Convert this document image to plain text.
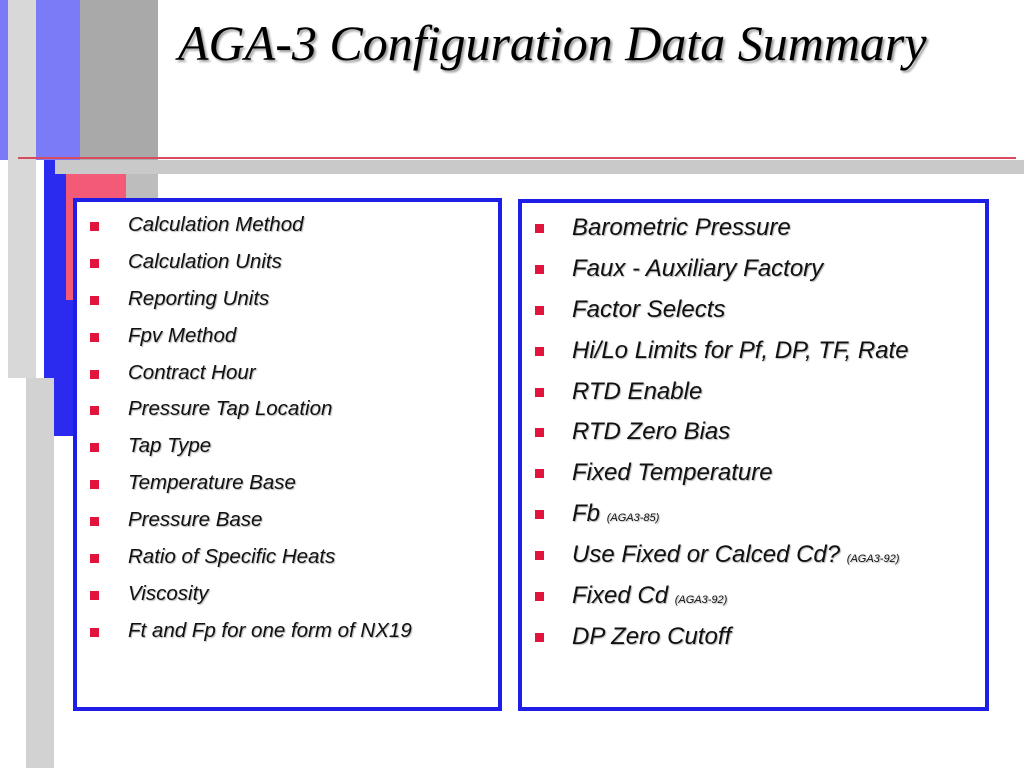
AGA-3 Configuration Data Summary
Calculation Method
Calculation Units
Reporting Units
Fpv Method
Contract Hour
Pressure Tap Location
Tap Type
Temperature Base
Pressure Base
Ratio of Specific Heats
Viscosity
Ft and Fp for one form of NX19
Barometric Pressure
Faux - Auxiliary Factory
Factor Selects
Hi/Lo Limits for Pf, DP, TF, Rate
RTD Enable
RTD Zero Bias
Fixed Temperature
Fb (AGA3-85)
Use Fixed or Calced Cd? (AGA3-92)
Fixed Cd (AGA3-92)
DP Zero Cutoff
